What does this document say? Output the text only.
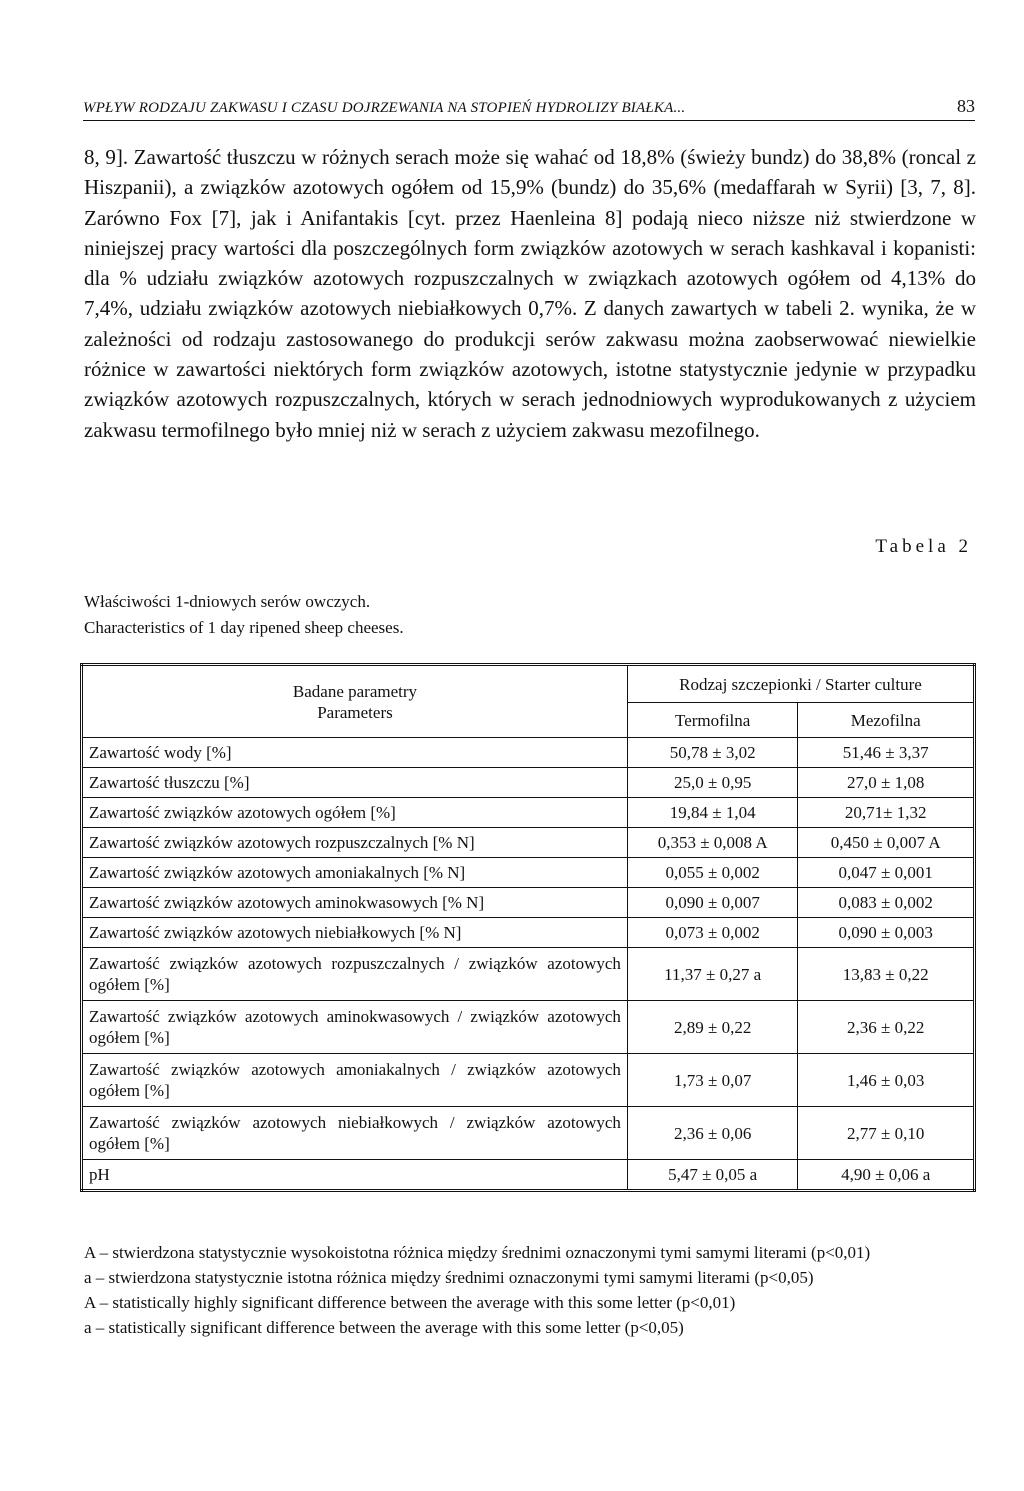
WPŁYW RODZAJU ZAKWASU I CZASU DOJRZEWANIA NA STOPIEŃ HYDROLIZY BIAŁKA...	83

8, 9]. Zawartość tłuszczu w różnych serach może się wahać od 18,8% (świeży bundz) do 38,8% (roncal z Hiszpanii), a związków azotowych ogółem od 15,9% (bundz) do 35,6% (medaffarah w Syrii) [3, 7, 8]. Zarówno Fox [7], jak i Anifantakis [cyt. przez Haenleina 8] podają nieco niższe niż stwierdzone w niniejszej pracy wartości dla poszczególnych form związków azotowych w serach kashkaval i kopanisti: dla % udziału związków azotowych rozpuszczalnych w związkach azotowych ogółem od 4,13% do 7,4%, udziału związków azotowych niebiałkowych 0,7%. Z danych zawartych w tabeli 2. wynika, że w zależności od rodzaju zastosowanego do produkcji serów zakwasu można zaobserwować niewielkie różnice w zawartości niektórych form związków azotowych, istotne statystycznie jedynie w przypadku związków azotowych rozpuszczalnych, których w serach jednodniowych wyprodukowanych z użyciem zakwasu termofilnego było mniej niż w serach z użyciem zakwasu mezofilnego.

Tabela 2
Właściwości 1-dniowych serów owczych.
Characteristics of 1 day ripened sheep cheeses.
Badane parametry
Parameters	Rodzaj szczepionki / Starter culture	
	Termofilna	Mezofilna
Zawartość wody [%]	50,78 ± 3,02	51,46 ± 3,37
Zawartość tłuszczu [%]	25,0 ± 0,95	27,0 ± 1,08
Zawartość związków azotowych ogółem [%]	19,84 ± 1,04	20,71± 1,32
Zawartość związków azotowych rozpuszczalnych [% N]	0,353 ± 0,008 A	0,450 ± 0,007 A
Zawartość związków azotowych amoniakalnych [% N]	0,055 ± 0,002	0,047 ± 0,001
Zawartość związków azotowych aminokwasowych [% N]	0,090 ± 0,007	0,083 ± 0,002
Zawartość związków azotowych niebiałkowych [% N]	0,073 ± 0,002	0,090 ± 0,003
Zawartość związków azotowych rozpuszczalnych / związków azotowych ogółem [%]	11,37 ± 0,27 a	13,83 ± 0,22
Zawartość związków azotowych aminokwasowych / związków azotowych ogółem [%]	2,89 ± 0,22	2,36 ± 0,22
Zawartość związków azotowych amoniakalnych / związków azotowych ogółem [%]	1,73 ± 0,07	1,46 ± 0,03
Zawartość związków azotowych niebiałkowych / związków azotowych ogółem [%]	2,36 ± 0,06	2,77 ± 0,10
pH	5,47 ± 0,05 a	4,90 ± 0,06 a

A – stwierdzona statystycznie wysokoistotna różnica między średnimi oznaczonymi tymi samymi literami (p<0,01)

a – stwierdzona statystycznie istotna różnica między średnimi oznaczonymi tymi samymi literami (p<0,05)

A – statistically highly significant difference between the average with this some letter (p<0,01)

a – statistically significant difference between the average with this some letter (p<0,05)
